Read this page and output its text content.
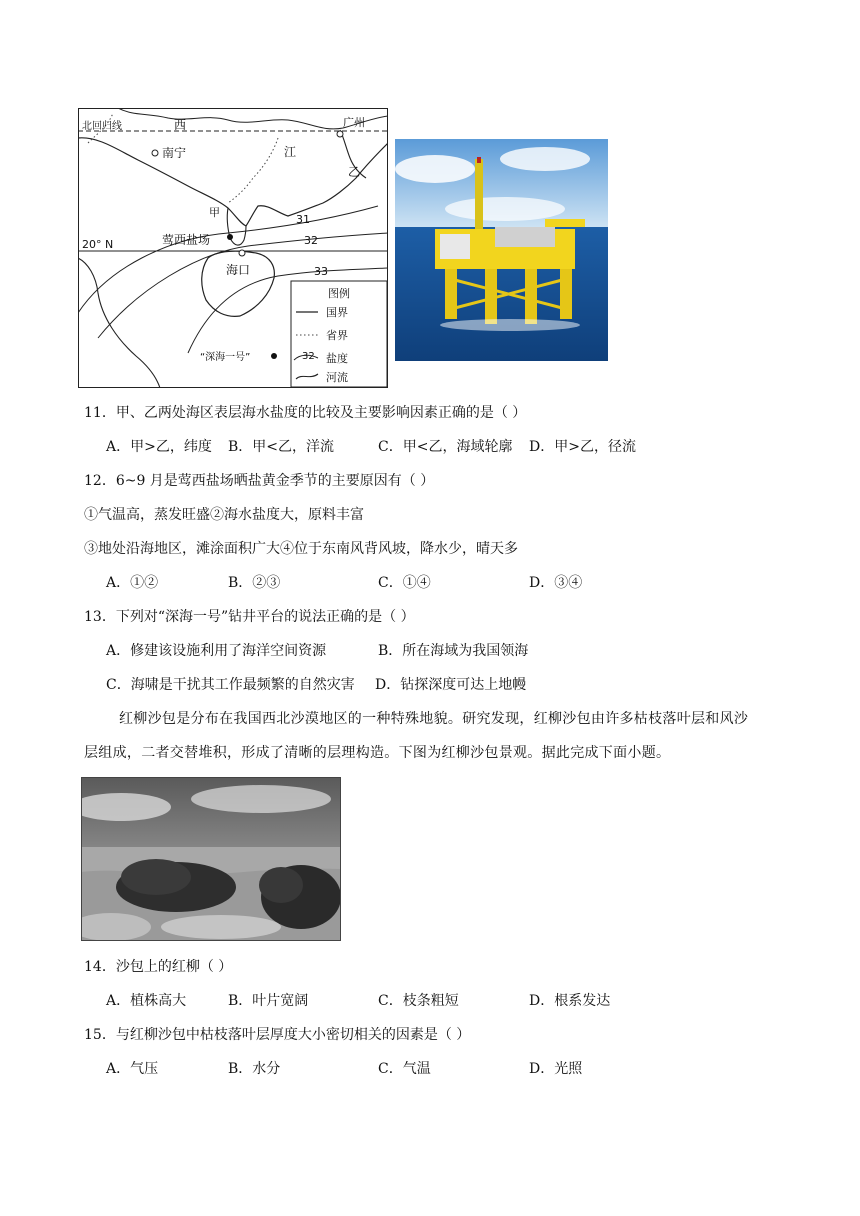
北回归线	西	广州
南宁	江
乙
甲
莺西盐场
20° N
海口
“深海一号”
31
32
33
图例
国界
省界
32 盐度
河流
11．甲、乙两处海区表层海水盐度的比较及主要影响因素正确的是（ ）
A．甲>乙，纬度 B．甲<乙，洋流	C．甲<乙，海域轮廓 D．甲>乙，径流
12．6~9 月是莺西盐场晒盐黄金季节的主要原因有（ ）
①气温高，蒸发旺盛②海水盐度大，原料丰富
③地处沿海地区，滩涂面积广大④位于东南风背风坡，降水少，晴天多
A．①②	B．②③	C．①④	D．③④
13．下列对“深海一号”钻井平台的说法正确的是（ ）
A．修建该设施利用了海洋空间资源	B．所在海域为我国领海
C．海啸是干扰其工作最频繁的自然灾害 D．钻探深度可达上地幔
红柳沙包是分布在我国西北沙漠地区的一种特殊地貌。研究发现，红柳沙包由许多枯枝落叶层和风沙
层组成，二者交替堆积，形成了清晰的层理构造。下图为红柳沙包景观。据此完成下面小题。
14．沙包上的红柳（ ）
A．植株高大	B．叶片宽阔	C．枝条粗短	D．根系发达
15．与红柳沙包中枯枝落叶层厚度大小密切相关的因素是（ ）
A．气压	B．水分	C．气温	D．光照
